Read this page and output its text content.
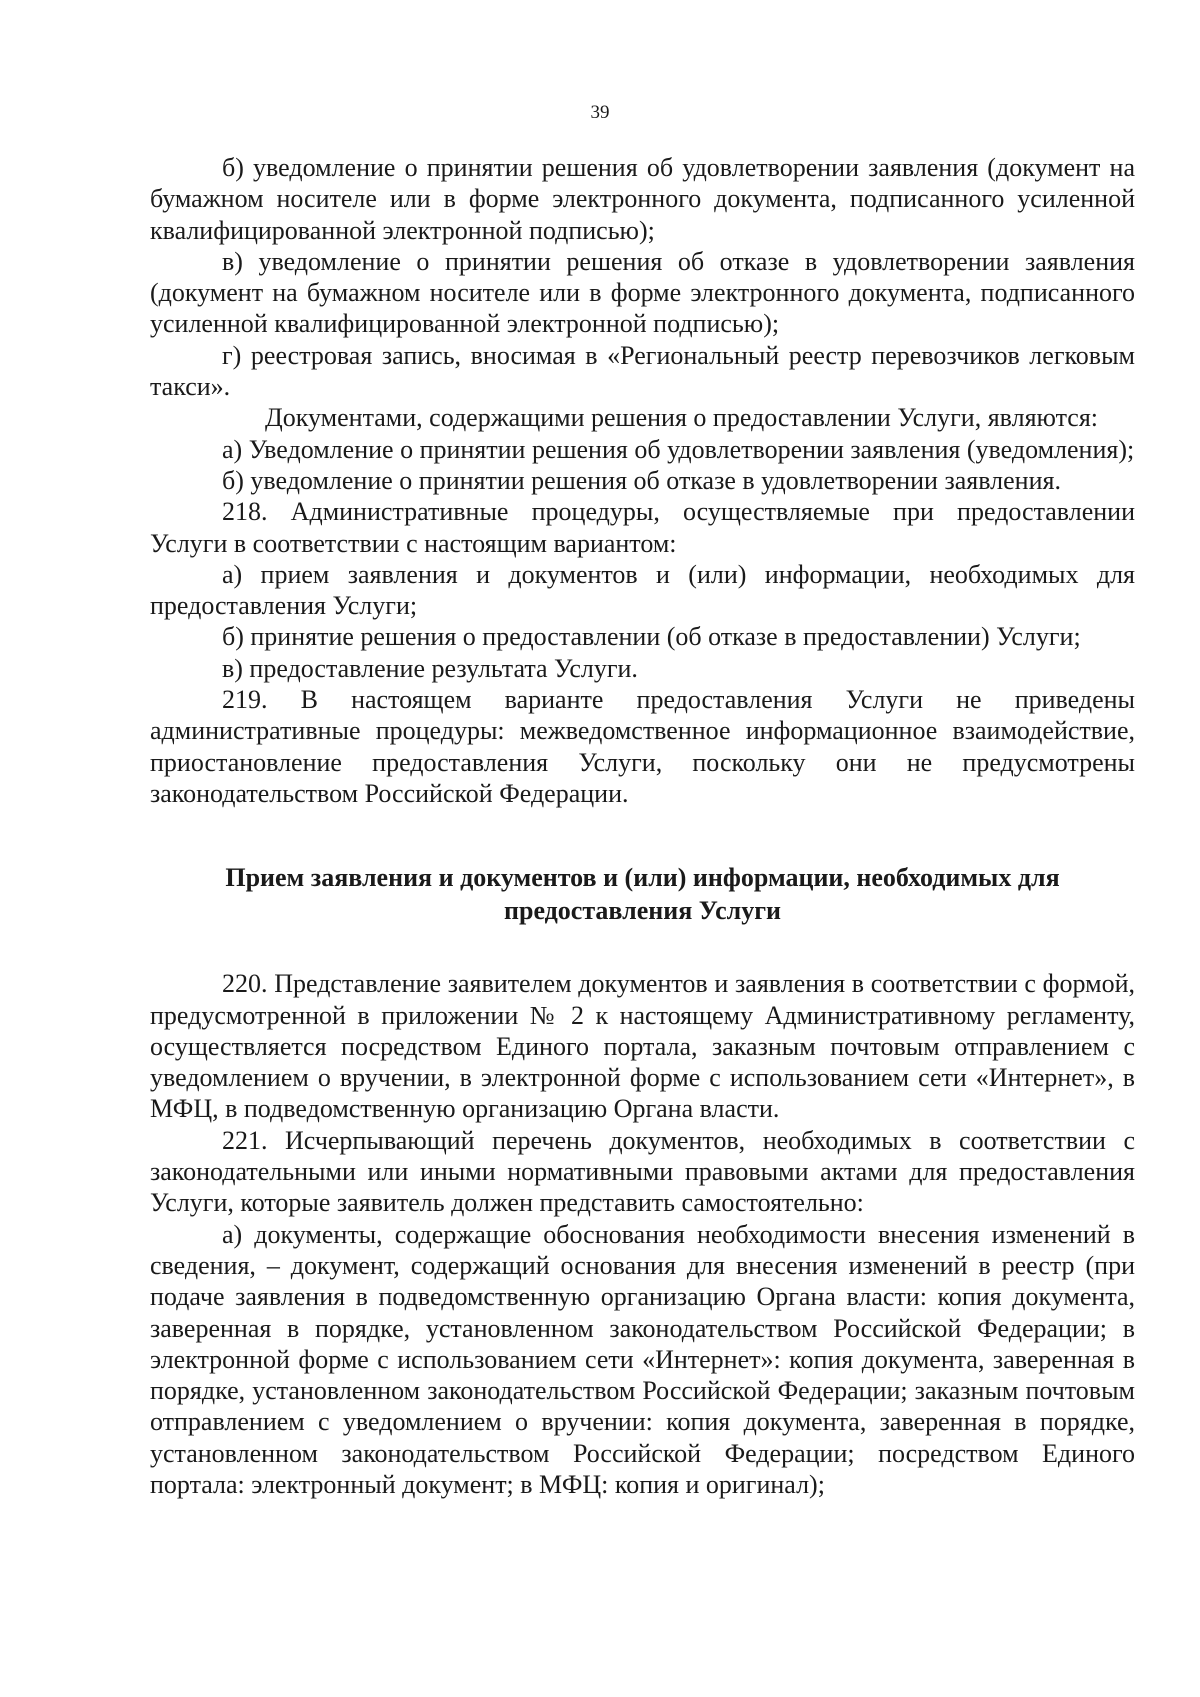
39

б) уведомление о принятии решения об удовлетворении заявления (документ на бумажном носителе или в форме электронного документа, подписанного усиленной квалифицированной электронной подписью);

в) уведомление о принятии решения об отказе в удовлетворении заявления (документ на бумажном носителе или в форме электронного документа, подписанного усиленной квалифицированной электронной подписью);

г) реестровая запись, вносимая в «Региональный реестр перевозчиков легковым такси».

Документами, содержащими решения о предоставлении Услуги, являются:

а) Уведомление о принятии решения об удовлетворении заявления (уведомления);

б) уведомление о принятии решения об отказе в удовлетворении заявления.

218. Административные процедуры, осуществляемые при предоставлении Услуги в соответствии с настоящим вариантом:

а) прием заявления и документов и (или) информации, необходимых для предоставления Услуги;

б) принятие решения о предоставлении (об отказе в предоставлении) Услуги;

в) предоставление результата Услуги.

219. В настоящем варианте предоставления Услуги не приведены административные процедуры: межведомственное информационное взаимодействие, приостановление предоставления Услуги, поскольку они не предусмотрены законодательством Российской Федерации.

Прием заявления и документов и (или) информации, необходимых для предоставления Услуги

220. Представление заявителем документов и заявления в соответствии с формой, предусмотренной в приложении № 2 к настоящему Административному регламенту, осуществляется посредством Единого портала, заказным почтовым отправлением с уведомлением о вручении, в электронной форме с использованием сети «Интернет», в МФЦ, в подведомственную организацию Органа власти.

221. Исчерпывающий перечень документов, необходимых в соответствии с законодательными или иными нормативными правовыми актами для предоставления Услуги, которые заявитель должен представить самостоятельно:

а) документы, содержащие обоснования необходимости внесения изменений в сведения, – документ, содержащий основания для внесения изменений в реестр (при подаче заявления в подведомственную организацию Органа власти: копия документа, заверенная в порядке, установленном законодательством Российской Федерации; в электронной форме с использованием сети «Интернет»: копия документа, заверенная в порядке, установленном законодательством Российской Федерации; заказным почтовым отправлением с уведомлением о вручении: копия документа, заверенная в порядке, установленном законодательством Российской Федерации; посредством Единого портала: электронный документ; в МФЦ: копия и оригинал);
